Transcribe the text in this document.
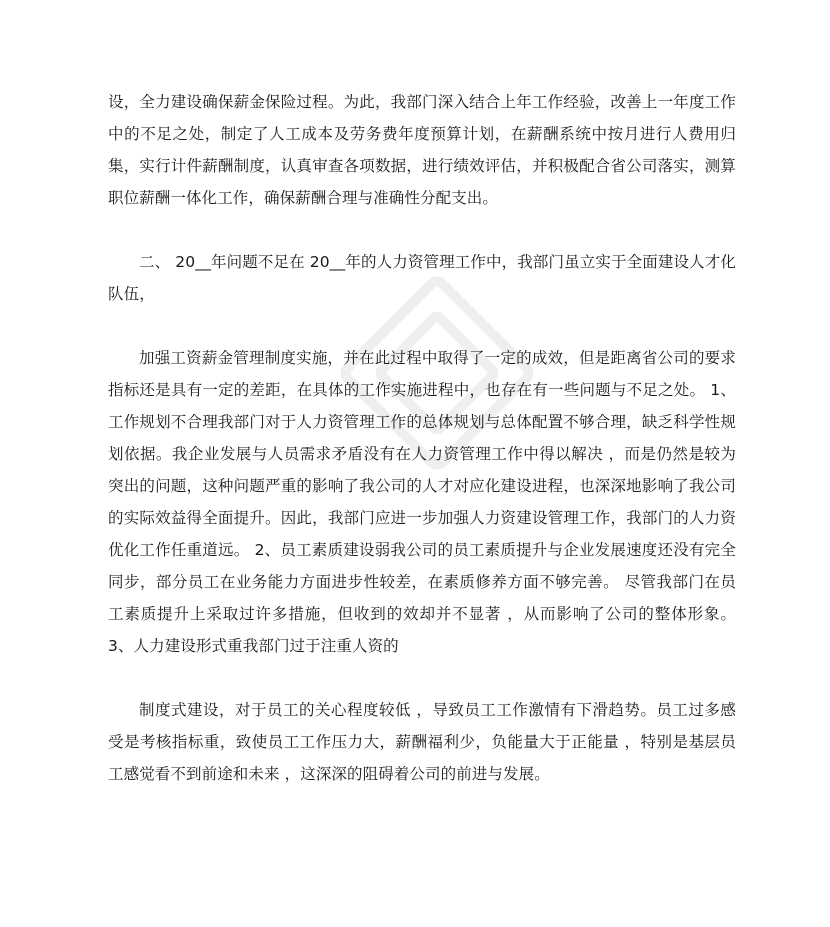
设，全力建设确保薪金保险过程。为此，我部门深入结合上年工作经验，改善上一年度工作中的不足之处，制定了人工成本及劳务费年度预算计划，在薪酬系统中按月进行人费用归集，实行计件薪酬制度，认真审查各项数据，进行绩效评估，并积极配合省公司落实，测算职位薪酬一体化工作，确保薪酬合理与准确性分配支出。

二、 20__年问题不足在 20__年的人力资管理工作中，我部门虽立实于全面建设人才化队伍，

加强工资薪金管理制度实施，并在此过程中取得了一定的成效，但是距离省公司的要求指标还是具有一定的差距，在具体的工作实施进程中，也存在有一些问题与不足之处。 1、工作规划不合理我部门对于人力资管理工作的总体规划与总体配置不够合理，缺乏科学性规划依据。我企业发展与人员需求矛盾没有在人力资管理工作中得以解决 ，而是仍然是较为突出的问题，这种问题严重的影响了我公司的人才对应化建设进程，也深深地影响了我公司的实际效益得全面提升。因此，我部门应进一步加强人力资建设管理工作，我部门的人力资优化工作任重道远。 2、员工素质建设弱我公司的员工素质提升与企业发展速度还没有完全同步，部分员工在业务能力方面进步性较差，在素质修养方面不够完善。 尽管我部门在员工素质提升上采取过许多措施，但收到的效却并不显著 ，从而影响了公司的整体形象。 3、人力建设形式重我部门过于注重人资的

制度式建设，对于员工的关心程度较低 ，导致员工工作激情有下滑趋势。员工过多感受是考核指标重，致使员工工作压力大，薪酬福利少，负能量大于正能量 ，特别是基层员工感觉看不到前途和未来 ，这深深的阻碍着公司的前进与发展。
